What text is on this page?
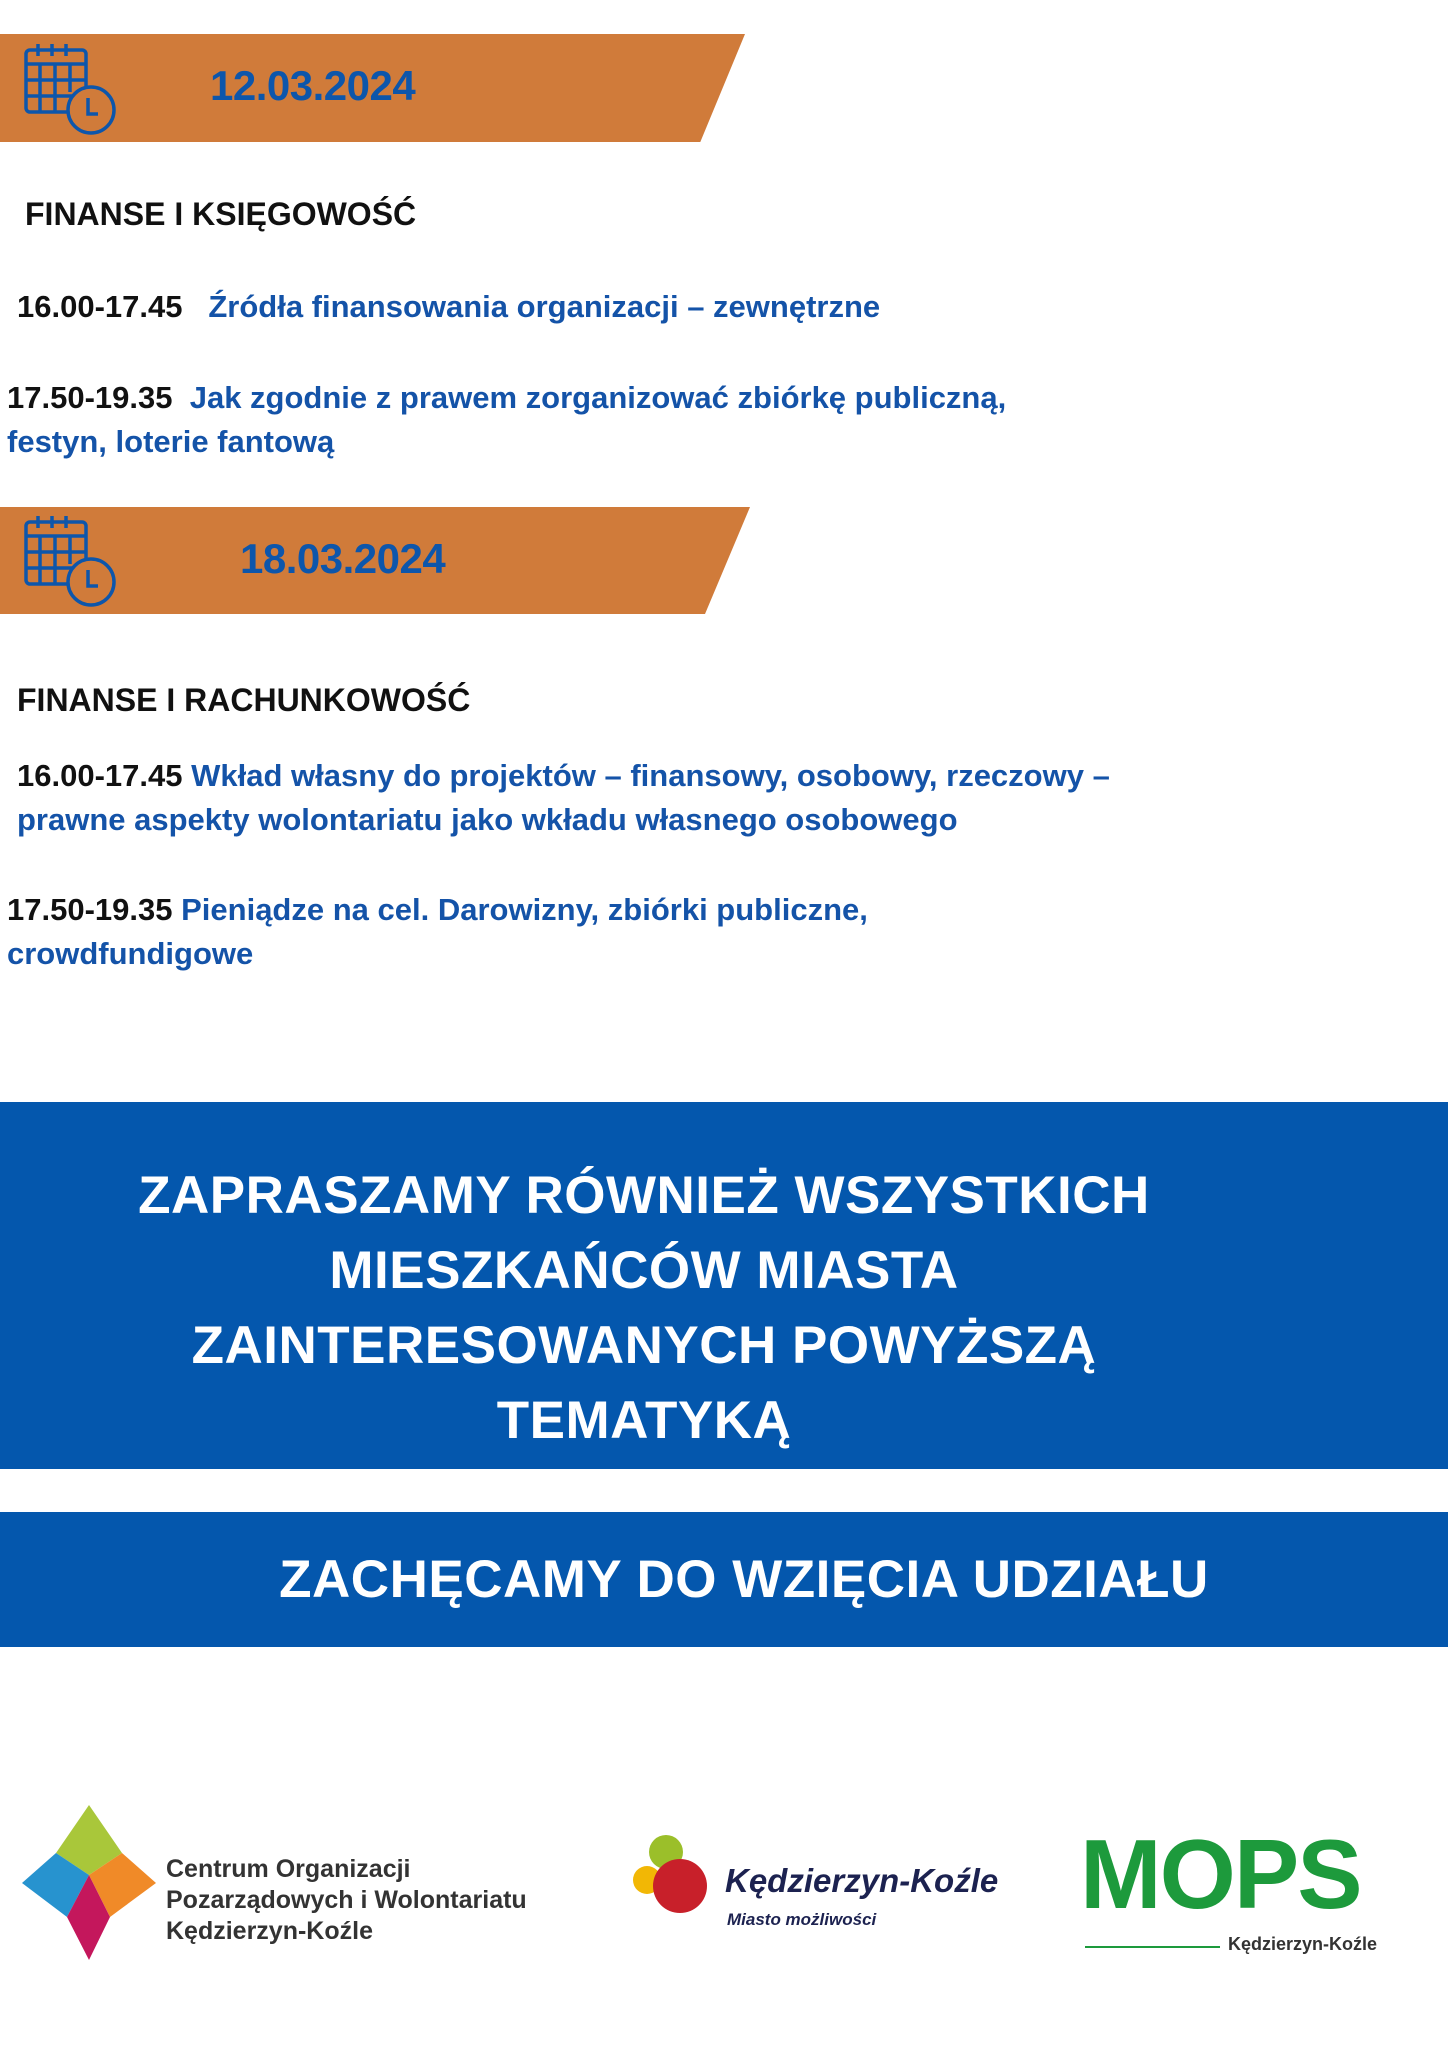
12.03.2024
FINANSE I KSIĘGOWOŚĆ
16.00-17.45 Źródła finansowania organizacji – zewnętrzne
17.50-19.35 Jak zgodnie z prawem zorganizować zbiórkę publiczną,
festyn, loterie fantową
18.03.2024
FINANSE I RACHUNKOWOŚĆ
16.00-17.45 Wkład własny do projektów – finansowy, osobowy, rzeczowy –
prawne aspekty wolontariatu jako wkładu własnego osobowego
17.50-19.35 Pieniądze na cel. Darowizny, zbiórki publiczne,
crowdfundigowe
ZAPRASZAMY RÓWNIEŻ WSZYSTKICH
MIESZKAŃCÓW MIASTA
ZAINTERESOWANYCH POWYŻSZĄ
TEMATYKĄ
ZACHĘCAMY DO WZIĘCIA UDZIAŁU
Centrum Organizacji
Pozarządowych i Wolontariatu
Kędzierzyn-Koźle
Kędzierzyn-Koźle
Miasto możliwości MOPS
Kędzierzyn-Koźle
